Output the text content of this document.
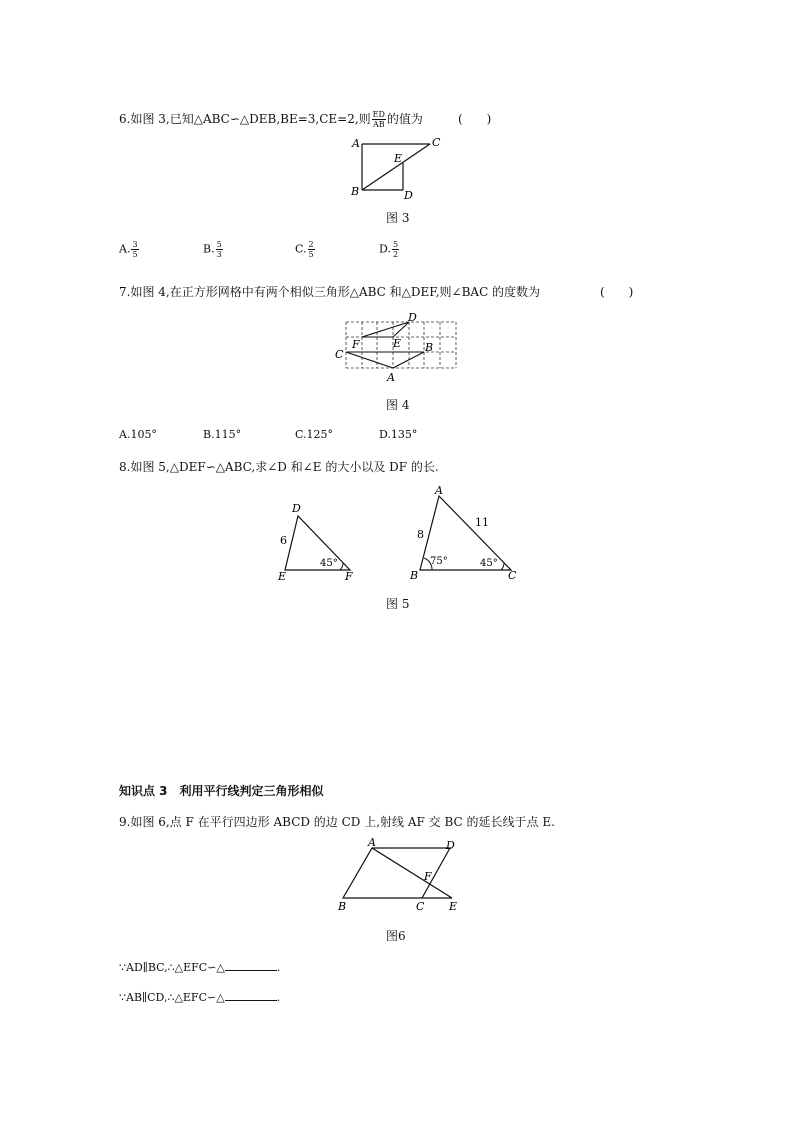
6.如图 3,已知△ABC∽△DEB,BE=3,CE=2,则 $\frac{ED}{AB}$ 的值为	(　　)
A	C
E
B	D
图 3
A. $\frac{3}{5}$	B. $\frac{5}{3}$	C. $\frac{2}{5}$	D. $\frac{5}{2}$
7.如图 4,在正方形网格中有两个相似三角形△ABC 和△DEF,则∠BAC 的度数为	(　　)
D
F	E
C
B
A
图 4
A.105°	B.115°	C.125°	D.135°
8.如图 5,△DEF∽△ABC,求∠D 和∠E 的大小以及 DF 的长.
D
E	F
6
45°
A
B	C
8
11
75°	45°
图 5
知识点 3　利用平行线判定三角形相似
9.如图 6,点 F 在平行四边形 ABCD 的边 CD 上,射线 AF 交 BC 的延长线于点 E.
A	D
F
B	C E
图6
∵AD∥BC,∴△EFC∽△	.
∵AB∥CD,∴△EFC∽△	.
